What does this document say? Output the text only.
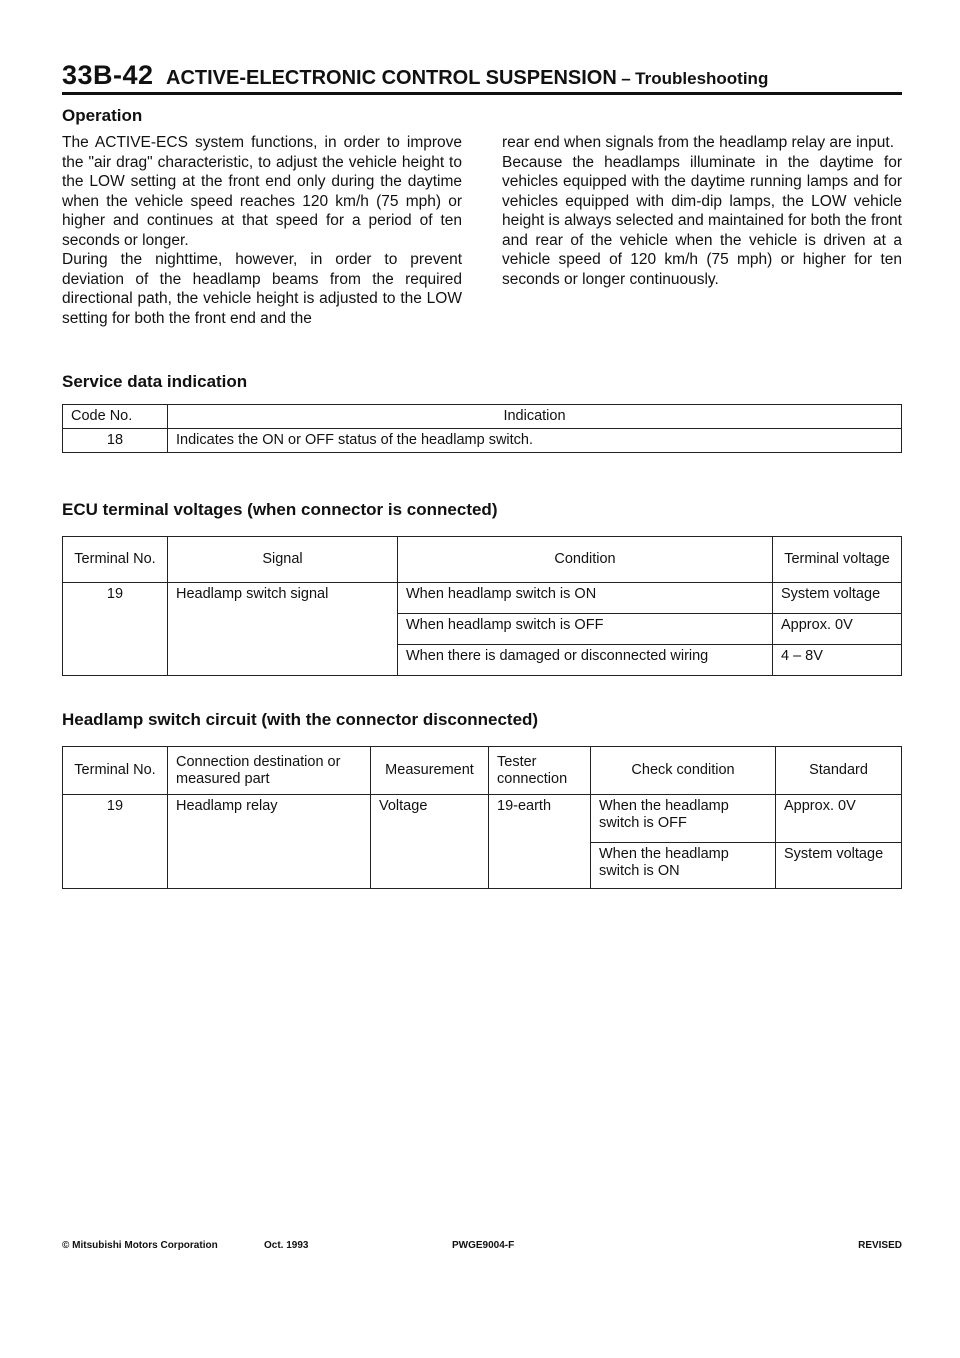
33B-42 ACTIVE-ELECTRONIC CONTROL SUSPENSION – Troubleshooting
Operation

The ACTIVE-ECS system functions, in order to improve the "air drag" characteristic, to adjust the vehicle height to the LOW setting at the front end only during the daytime when the vehicle speed reaches 120 km/h (75 mph) or higher and continues at that speed for a period of ten seconds or longer.

During the nighttime, however, in order to prevent deviation of the headlamp beams from the required directional path, the vehicle height is adjusted to the LOW setting for both the front end and the

rear end when signals from the headlamp relay are input.

Because the headlamps illuminate in the daytime for vehicles equipped with the daytime running lamps and for vehicles equipped with dim-dip lamps, the LOW vehicle height is always selected and maintained for both the front and rear of the vehicle when the vehicle is driven at a vehicle speed of 120 km/h (75 mph) or higher for ten seconds or longer continuously.

Service data indication
Code No.	Indication
18	Indicates the ON or OFF status of the headlamp switch.
ECU terminal voltages (when connector is connected)
Terminal No.	Signal	Condition	Terminal voltage
19	Headlamp switch signal	When headlamp switch is ON	System voltage
		When headlamp switch is OFF	Approx. 0V
		When there is damaged or disconnected wiring	4 – 8V
Headlamp switch circuit (with the connector disconnected)
Terminal No.	Connection destination or measured part	Measurement	Tester connection	Check condition	Standard
19	Headlamp relay	Voltage	19-earth	When the headlamp switch is OFF	Approx. 0V
				When the headlamp switch is ON	System voltage
© Mitsubishi Motors Corporation	Oct. 1993	PWGE9004-F	REVISED
